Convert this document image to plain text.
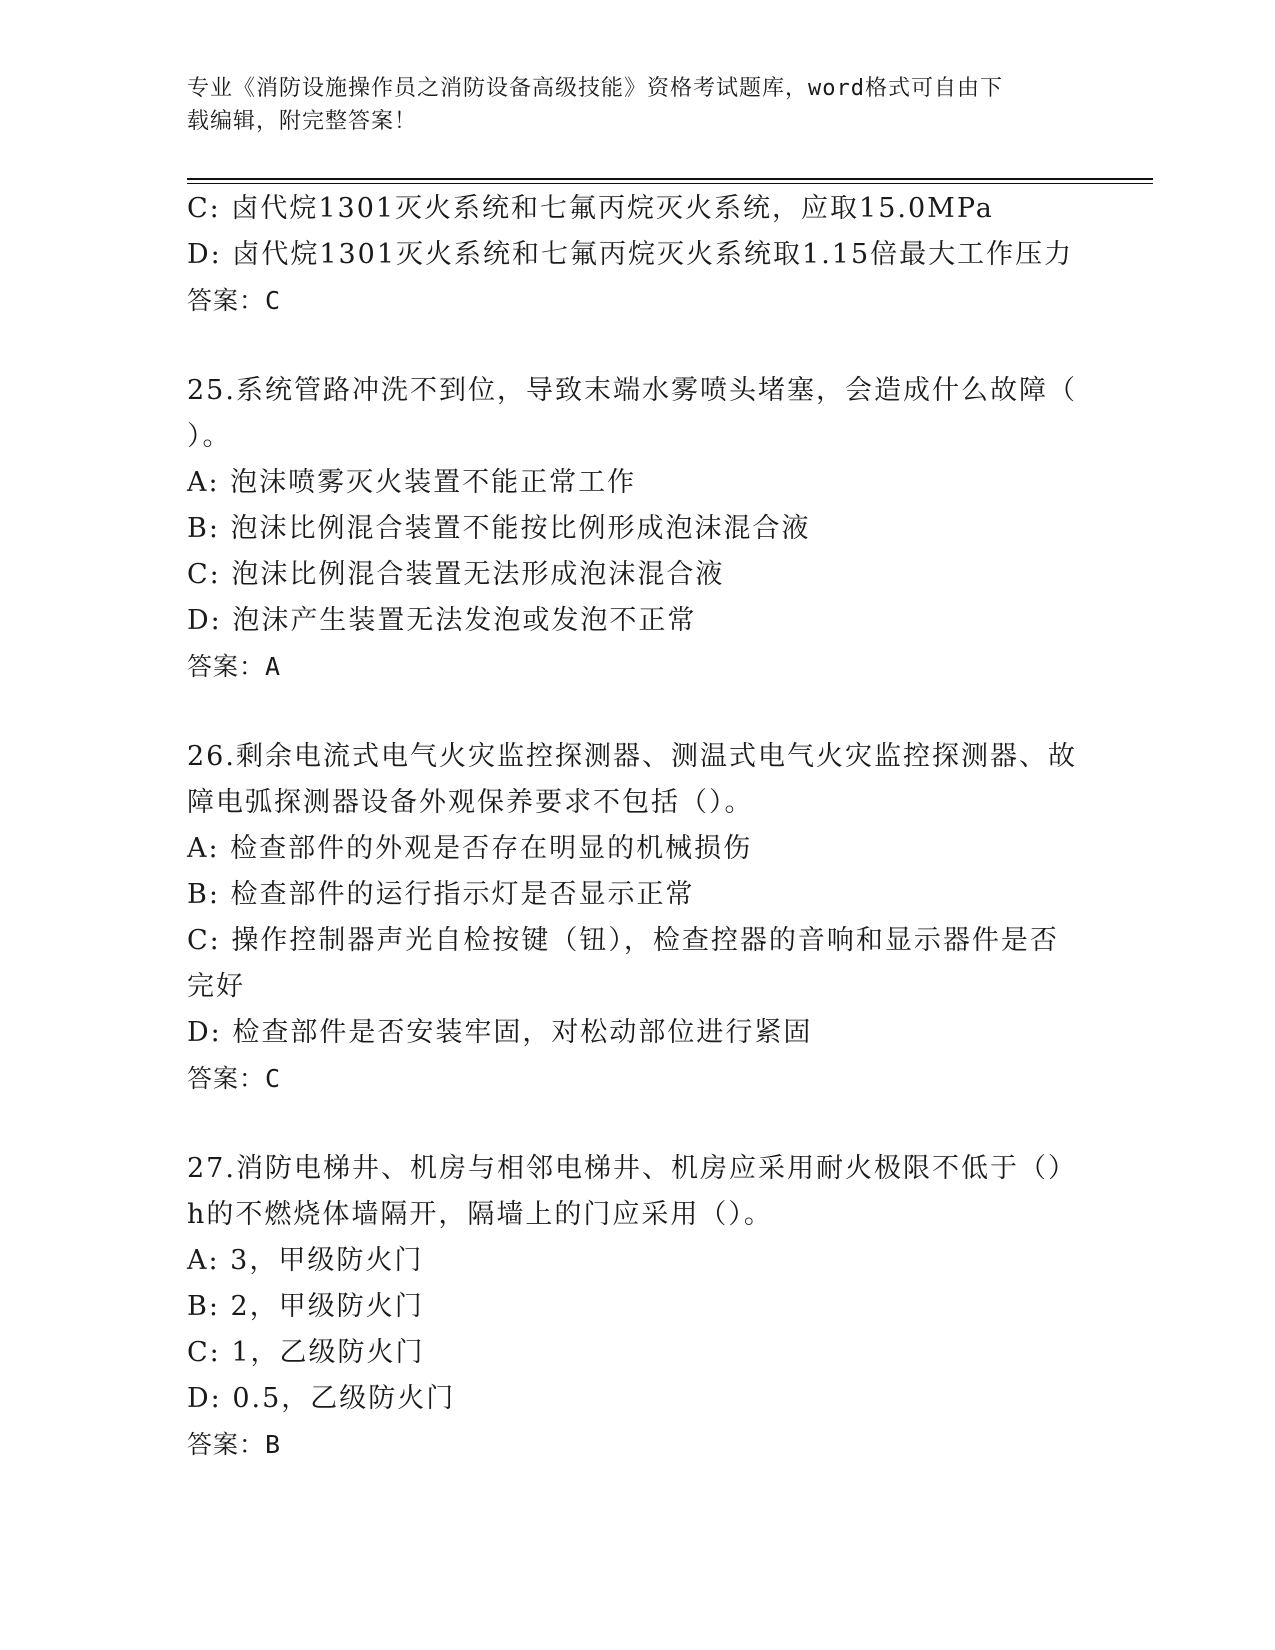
专业《消防设施操作员之消防设备高级技能》资格考试题库，word格式可自由下
载编辑，附完整答案！
C: 卤代烷1301灭火系统和七氟丙烷灭火系统，应取15.0MPa
D: 卤代烷1301灭火系统和七氟丙烷灭火系统取1.15倍最大工作压力
答案：C
25.系统管路冲洗不到位，导致末端水雾喷头堵塞，会造成什么故障（
）。
A: 泡沫喷雾灭火装置不能正常工作
B: 泡沫比例混合装置不能按比例形成泡沫混合液
C: 泡沫比例混合装置无法形成泡沫混合液
D: 泡沫产生装置无法发泡或发泡不正常
答案：A
26.剩余电流式电气火灾监控探测器、测温式电气火灾监控探测器、故
障电弧探测器设备外观保养要求不包括（）。
A: 检查部件的外观是否存在明显的机械损伤
B: 检查部件的运行指示灯是否显示正常
C: 操作控制器声光自检按键（钮），检查控器的音响和显示器件是否
完好
D: 检查部件是否安装牢固，对松动部位进行紧固
答案：C
27.消防电梯井、机房与相邻电梯井、机房应采用耐火极限不低于（）
h的不燃烧体墙隔开，隔墙上的门应采用（）。
A: 3，甲级防火门
B: 2，甲级防火门
C: 1，乙级防火门
D: 0.5，乙级防火门
答案：B
